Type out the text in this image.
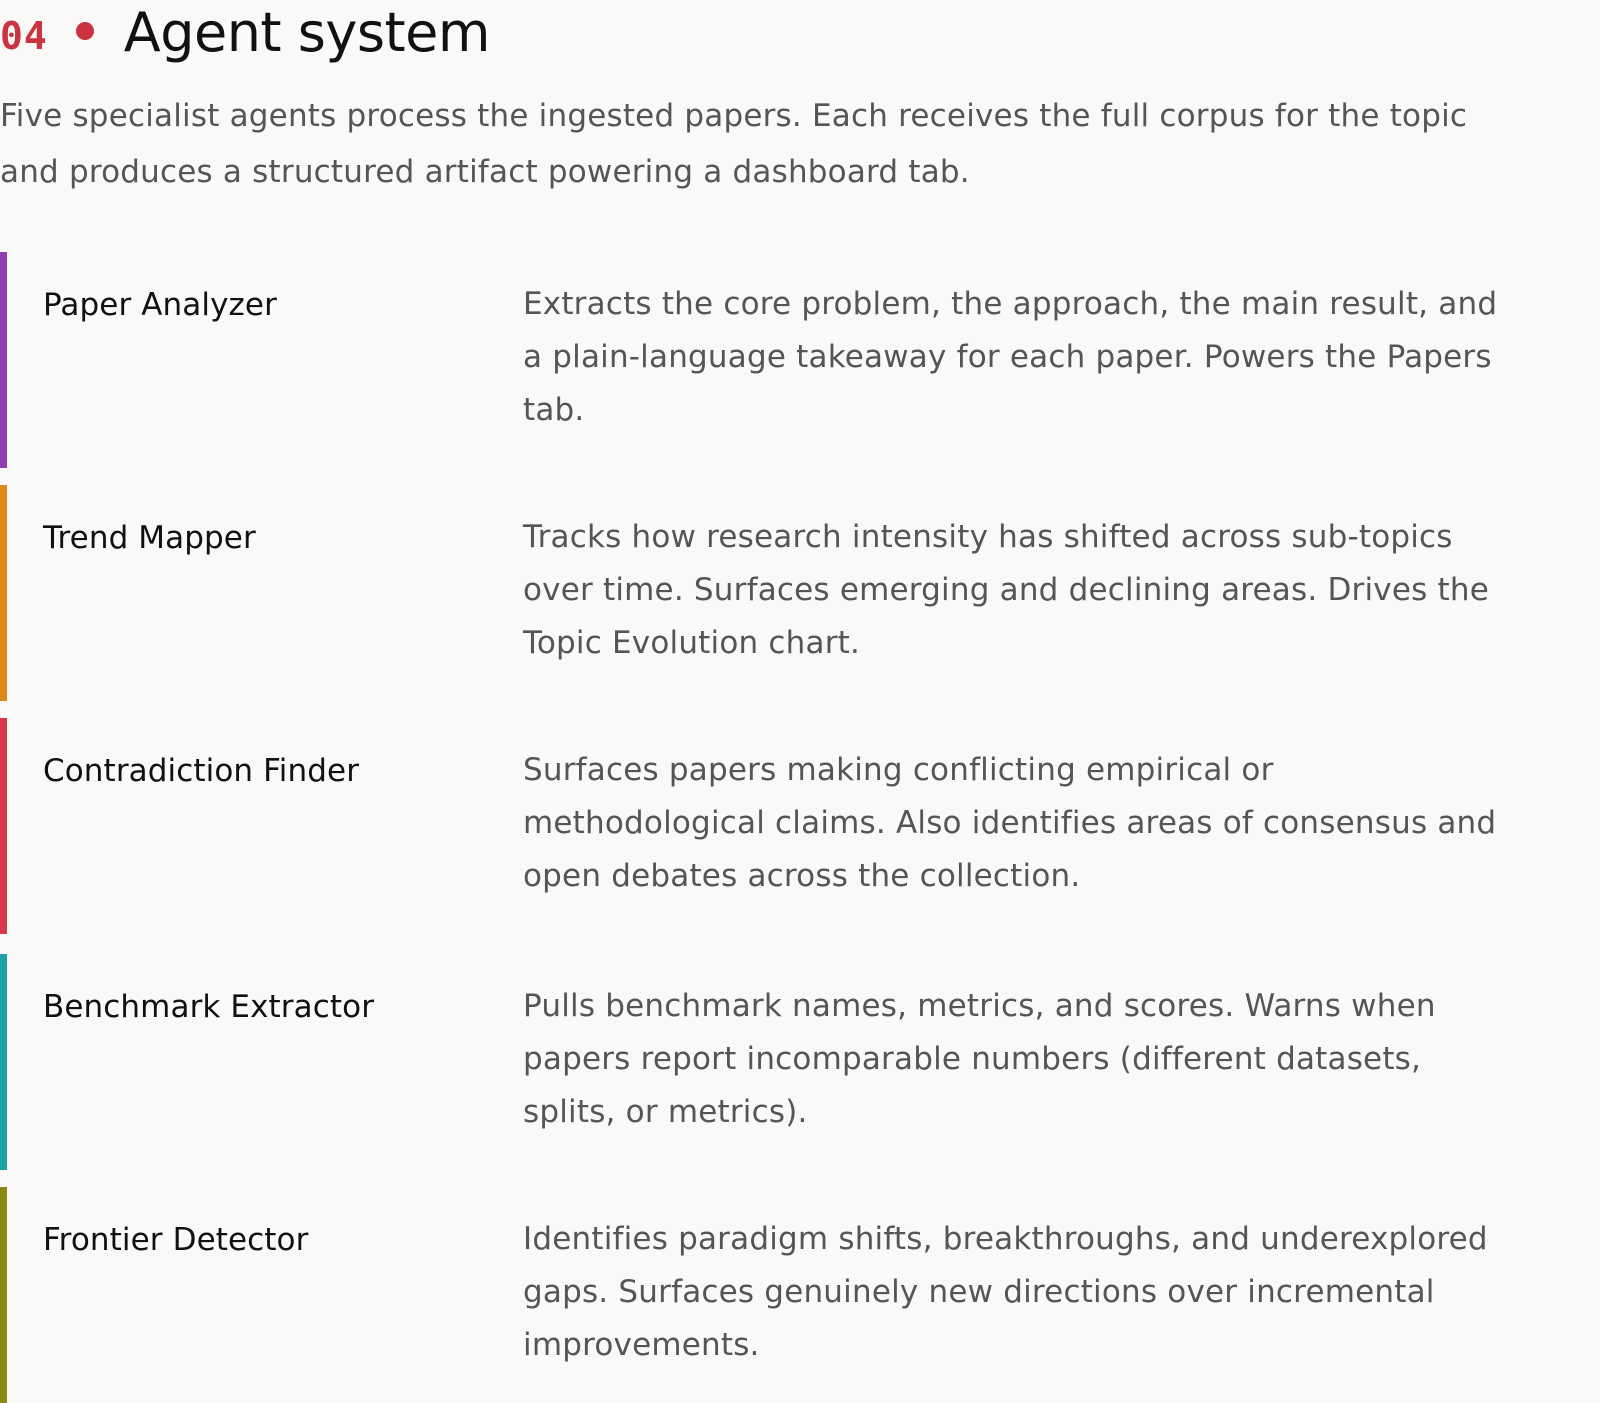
04 Agent system

Five specialist agents process the ingested papers. Each receives the full corpus for the topic and produces a structured artifact powering a dashboard tab.

Paper Analyzer	Extracts the core problem, the approach, the main result, and a plain-language takeaway for each paper. Powers the Papers tab.

Trend Mapper	Tracks how research intensity has shifted across sub-topics over time. Surfaces emerging and declining areas. Drives the Topic Evolution chart.

Contradiction Finder	Surfaces papers making conflicting empirical or methodological claims. Also identifies areas of consensus and open debates across the collection.

Benchmark Extractor	Pulls benchmark names, metrics, and scores. Warns when papers report incomparable numbers (different datasets, splits, or metrics).

Frontier Detector	Identifies paradigm shifts, breakthroughs, and underexplored gaps. Surfaces genuinely new directions over incremental improvements.
